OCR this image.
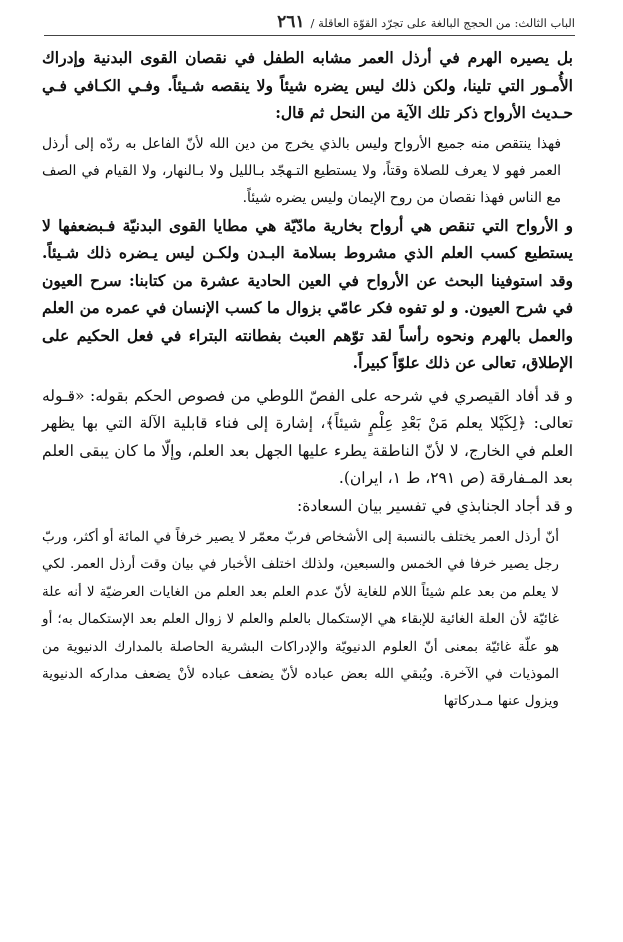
الباب الثالث: من الحجج البالغة على تجرّد القوّة العاقلة /
٢٦١

بل يصيره الهرم في أرذل العمر مشابه الطفل في نقصان القوى البدنية وإدراك الأُمـور التي تلينا، ولكن ذلك ليس يضره شيئاً ولا ينقصه شـيئاً. وفـي الكـافي فـي حـديث الأرواح ذكر تلك الآية من النحل ثم قال:

فهذا ينتقص منه جميع الأرواح وليس بالذي يخرج من دين الله لأنّ الفاعل به ردّه إلى أرذل العمر فهو لا يعرف للصلاة وقتاً، ولا يستطيع التـهجّد بـالليل ولا بـالنهار، ولا القيام في الصف مع الناس فهذا نقصان من روح الإيمان وليس يضره شيئاً.

و الأرواح التي تنقص هي أرواح بخارية مادّيّة هي مطايا القوى البدنيّة فـبضعفها لا يستطيع كسب العلم الذي مشروط بسلامة البـدن ولكـن ليس يـضره ذلك شـيئاً. وقد استوفينا البحث عن الأرواح في العين الحادية عشرة من كتابنا: سرح العيون في شرح العيون. و لو تفوه فكر عامّي بزوال ما كسب الإنسان في عمره من العلم والعمل بالهرم ونحوه رأساً لقد توّهم العبث بفطانته البتراء في فعل الحكيم على الإطلاق، تعالى عن ذلك علوّاً كبيراً.

و قد أفاد القيصري في شرحه على الفصّ اللوطي من فصوص الحكم بقوله: «قـوله تعالى: ﴿لِكَيْلا يعلم مَنْ بَعْدِ عِلْمٍ شيئاً﴾، إشارة إلى فناء قابلية الآلة التي بها يظهر العلم في الخارج، لا لأنّ الناطقة يطرء عليها الجهل بعد العلم، وإلّا ما كان يبقى العلم بعد المـفارقة (ص ٢٩١، ط ١، ايران).

و قد أجاد الجنابذي في تفسير بيان السعادة:

أنّ أرذل العمر يختلف بالنسبة إلى الأشخاص فربّ معمّر لا يصير خرفاً في المائة أو أكثر، وربّ رجل يصير خرفا في الخمس والسبعين، ولذلك اختلف الأخبار في بيان وقت أرذل العمر. لكي لا يعلم من بعد علم شيئاً اللام للغاية لأنّ عدم العلم بعد العلم من الغايات العرضيّة لا أنه علة غائيّة لأن العلة الغائية للإبقاء هي الإستكمال بالعلم والعلم لا زوال العلم بعد الإستكمال به؛ أو هو علّة غائيّة بمعنى أنّ العلوم الدنيويّة والإدراكات البشرية الحاصلة بالمدارك الدنيوية من الموذيات في الآخرة. ويُبقي الله بعض عباده لأنّ يضعف عباده لأنْ يضعف مداركه الدنيوية ويزول عنها مـدركاتها
